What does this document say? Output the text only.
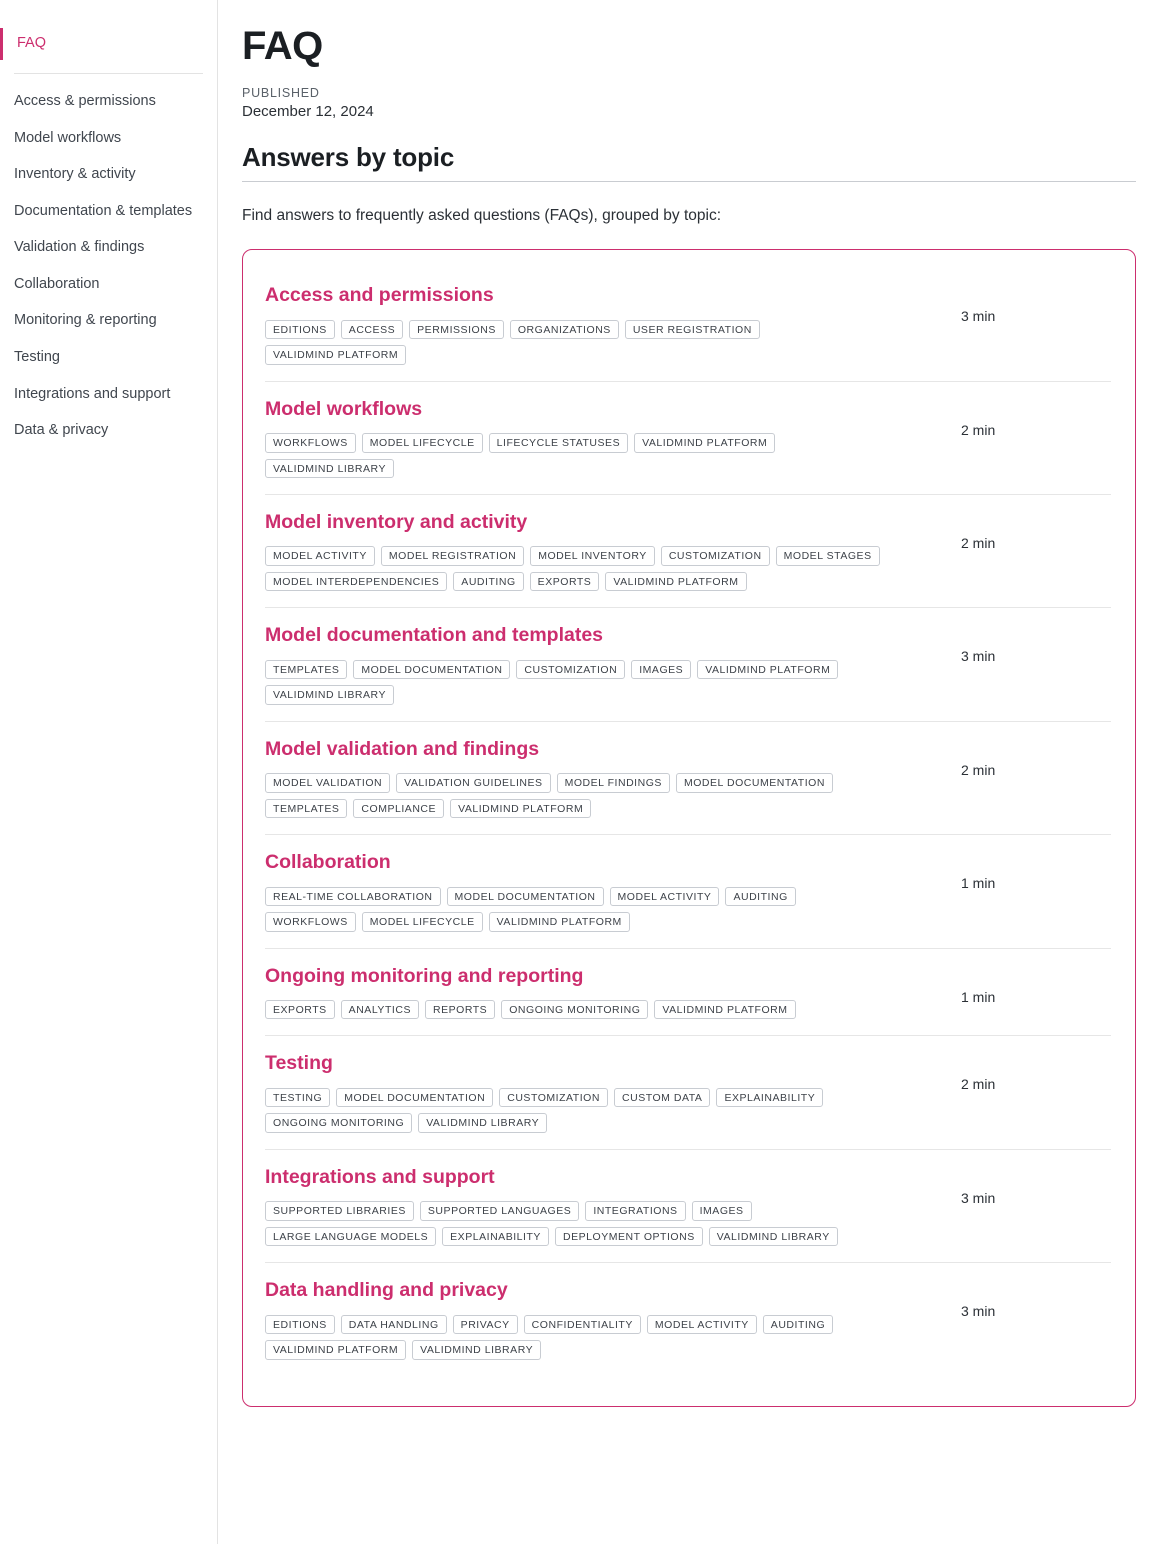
FAQ
Access & permissions
Model workflows
Inventory & activity
Documentation & templates
Validation & findings
Collaboration
Monitoring & reporting
Testing
Integrations and support
Data & privacy
FAQ
PUBLISHED
December 12, 2024
Answers by topic

Find answers to frequently asked questions (FAQs), grouped by topic:

Access and permissions
EDITIONS	ACCESS	PERMISSIONS	ORGANIZATIONS	USER REGISTRATION
VALIDMIND PLATFORM
3 min
Model workflows
WORKFLOWS	MODEL LIFECYCLE	LIFECYCLE STATUSES	VALIDMIND PLATFORM
VALIDMIND LIBRARY
2 min
Model inventory and activity
MODEL ACTIVITY	MODEL REGISTRATION	MODEL INVENTORY	CUSTOMIZATION	MODEL STAGES
MODEL INTERDEPENDENCIES	AUDITING	EXPORTS	VALIDMIND PLATFORM
2 min
Model documentation and templates
TEMPLATES	MODEL DOCUMENTATION	CUSTOMIZATION	IMAGES	VALIDMIND PLATFORM
VALIDMIND LIBRARY
3 min
Model validation and findings
MODEL VALIDATION	VALIDATION GUIDELINES	MODEL FINDINGS	MODEL DOCUMENTATION
TEMPLATES	COMPLIANCE	VALIDMIND PLATFORM
2 min
Collaboration
REAL-TIME COLLABORATION	MODEL DOCUMENTATION	MODEL ACTIVITY	AUDITING
WORKFLOWS	MODEL LIFECYCLE	VALIDMIND PLATFORM
1 min
Ongoing monitoring and reporting
EXPORTS	ANALYTICS	REPORTS	ONGOING MONITORING	VALIDMIND PLATFORM
1 min
Testing
TESTING	MODEL DOCUMENTATION	CUSTOMIZATION	CUSTOM DATA	EXPLAINABILITY
ONGOING MONITORING	VALIDMIND LIBRARY
2 min
Integrations and support
SUPPORTED LIBRARIES	SUPPORTED LANGUAGES	INTEGRATIONS	IMAGES
LARGE LANGUAGE MODELS	EXPLAINABILITY	DEPLOYMENT OPTIONS	VALIDMIND LIBRARY
3 min
Data handling and privacy
EDITIONS	DATA HANDLING	PRIVACY	CONFIDENTIALITY	MODEL ACTIVITY	AUDITING
VALIDMIND PLATFORM	VALIDMIND LIBRARY
3 min
